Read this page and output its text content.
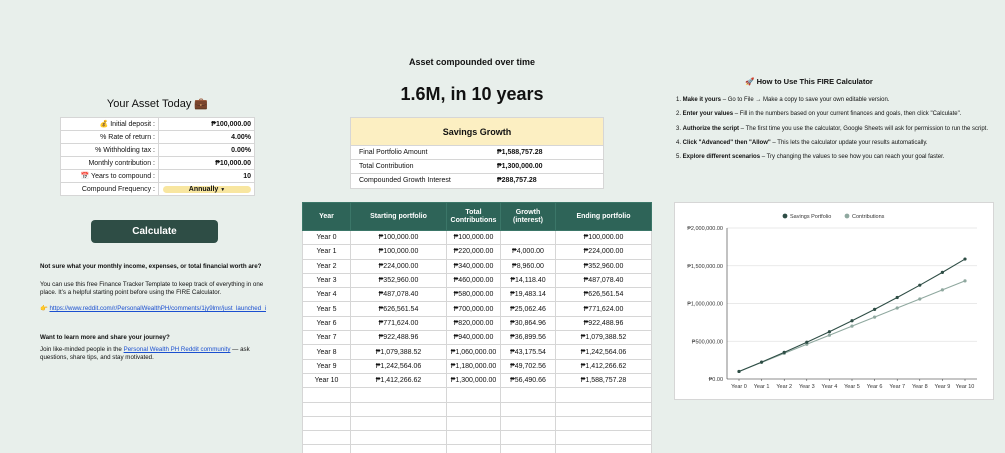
Your Asset Today 💼
💰 Initial deposit :	₱100,000.00
% Rate of return :	4.00%
% Withholding tax :	0.00%
Monthly contribution :	₱10,000.00
📅 Years to compound :	10
Compound Frequency :	Annually ▼
Calculate
Not sure what your monthly income, expenses, or total financial worth are?
You can use this free Finance Tracker Template to keep track of everything in one place. It’s a helpful starting point before using the FIRE Calculator.
👉 https://www.reddit.com/r/PersonalWealthPH/comments/1jy9lmr/just_launched_i
Want to learn more and share your journey?
Join like-minded people in the Personal Wealth PH Reddit community — ask questions, share tips, and stay motivated.
Asset compounded over time
1.6M, in 10 years
Savings Growth
Final Portfolio Amount	₱1,588,757.28
Total Contribution	₱1,300,000.00
Compounded Growth Interest	₱288,757.28
Year	Starting portfolio	Total Contributions	Growth (interest)	Ending portfolio
Year 0	₱100,000.00	₱100,000.00		₱100,000.00
Year 1	₱100,000.00	₱220,000.00	₱4,000.00	₱224,000.00
Year 2	₱224,000.00	₱340,000.00	₱8,960.00	₱352,960.00
Year 3	₱352,960.00	₱460,000.00	₱14,118.40	₱487,078.40
Year 4	₱487,078.40	₱580,000.00	₱19,483.14	₱626,561.54
Year 5	₱626,561.54	₱700,000.00	₱25,062.46	₱771,624.00
Year 6	₱771,624.00	₱820,000.00	₱30,864.96	₱922,488.96
Year 7	₱922,488.96	₱940,000.00	₱36,899.56	₱1,079,388.52
Year 8	₱1,079,388.52	₱1,060,000.00	₱43,175.54	₱1,242,564.06
Year 9	₱1,242,564.06	₱1,180,000.00	₱49,702.56	₱1,412,266.62
Year 10	₱1,412,266.62	₱1,300,000.00	₱56,490.66	₱1,588,757.28

🚀 How to Use This FIRE Calculator
1. Make it yours – Go to File → Make a copy to save your own editable version.
2. Enter your values – Fill in the numbers based on your current finances and goals, then click "Calculate".
3. Authorize the script – The first time you use the calculator, Google Sheets will ask for permission to run the script.
4. Click "Advanced" then "Allow" – This lets the calculator update your results automatically.
5. Explore different scenarios – Try changing the values to see how you can reach your goal faster.
₱0.00
₱500,000.00
₱1,000,000.00
₱1,500,000.00
₱2,000,000.00
Year 0 Year 1 Year 2 Year 3 Year 4 Year 5 Year 6 Year 7 Year 8 Year 9 Year 10
Savings Portfolio	Contributions
